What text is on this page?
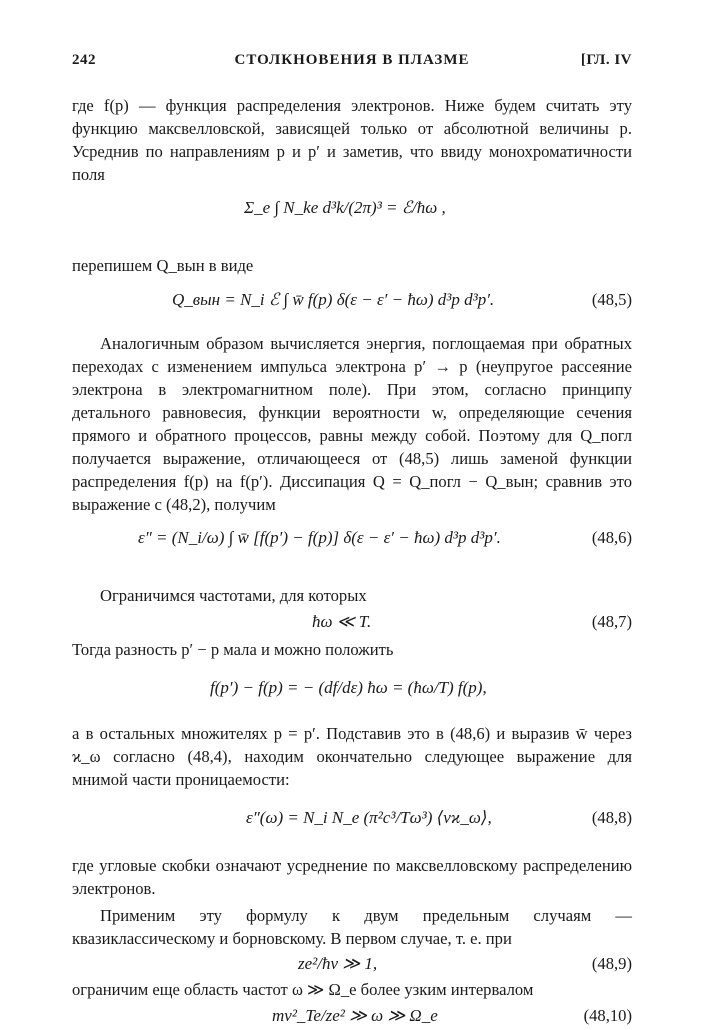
242	СТОЛКНОВЕНИЯ В ПЛАЗМЕ	[ГЛ. IV

где f(p) — функция распределения электронов. Ниже будем считать эту функцию максвелловской, зависящей только от абсолютной величины p. Усреднив по направлениям p и p′ и заметив, что ввиду монохроматичности поля

Σ_e ∫ N_ke d³k/(2π)³ = ℰ/ħω ,

перепишем Q_вын в виде

Q_вын = N_i ℰ ∫ w̄ f(p) δ(ε − ε′ − ħω) d³p d³p′.	(48,5)

Аналогичным образом вычисляется энергия, поглощаемая при обратных переходах с изменением импульса электрона p′ → p (неупругое рассеяние электрона в электромагнитном поле). При этом, согласно принципу детального равновесия, функции вероятности w, определяющие сечения прямого и обратного процессов, равны между собой. Поэтому для Q_погл получается выражение, отличающееся от (48,5) лишь заменой функции распределения f(p) на f(p′). Диссипация Q = Q_погл − Q_вын; сравнив это выражение с (48,2), получим

ε″ = (N_i/ω) ∫ w̄ [f(p′) − f(p)] δ(ε − ε′ − ħω) d³p d³p′.	(48,6)

Ограничимся частотами, для которых

ħω ≪ T.	(48,7)

Тогда разность p′ − p мала и можно положить

f(p′) − f(p) = − (df/dε) ħω = (ħω/T) f(p),

а в остальных множителях p = p′. Подставив это в (48,6) и выразив w̄ через ϰ_ω согласно (48,4), находим окончательно следующее выражение для мнимой части проницаемости:

ε″(ω) = N_i N_e (π²c³/Tω³) ⟨vϰ_ω⟩,	(48,8)

где угловые скобки означают усреднение по максвелловскому распределению электронов.

Применим эту формулу к двум предельным случаям — квазиклассическому и борновскому. В первом случае, т. е. при

ze²/ħv ≫ 1,	(48,9)

ограничим еще область частот ω ≫ Ω_e более узким интервалом

mv²_Te/ze² ≫ ω ≫ Ω_e	(48,10)
